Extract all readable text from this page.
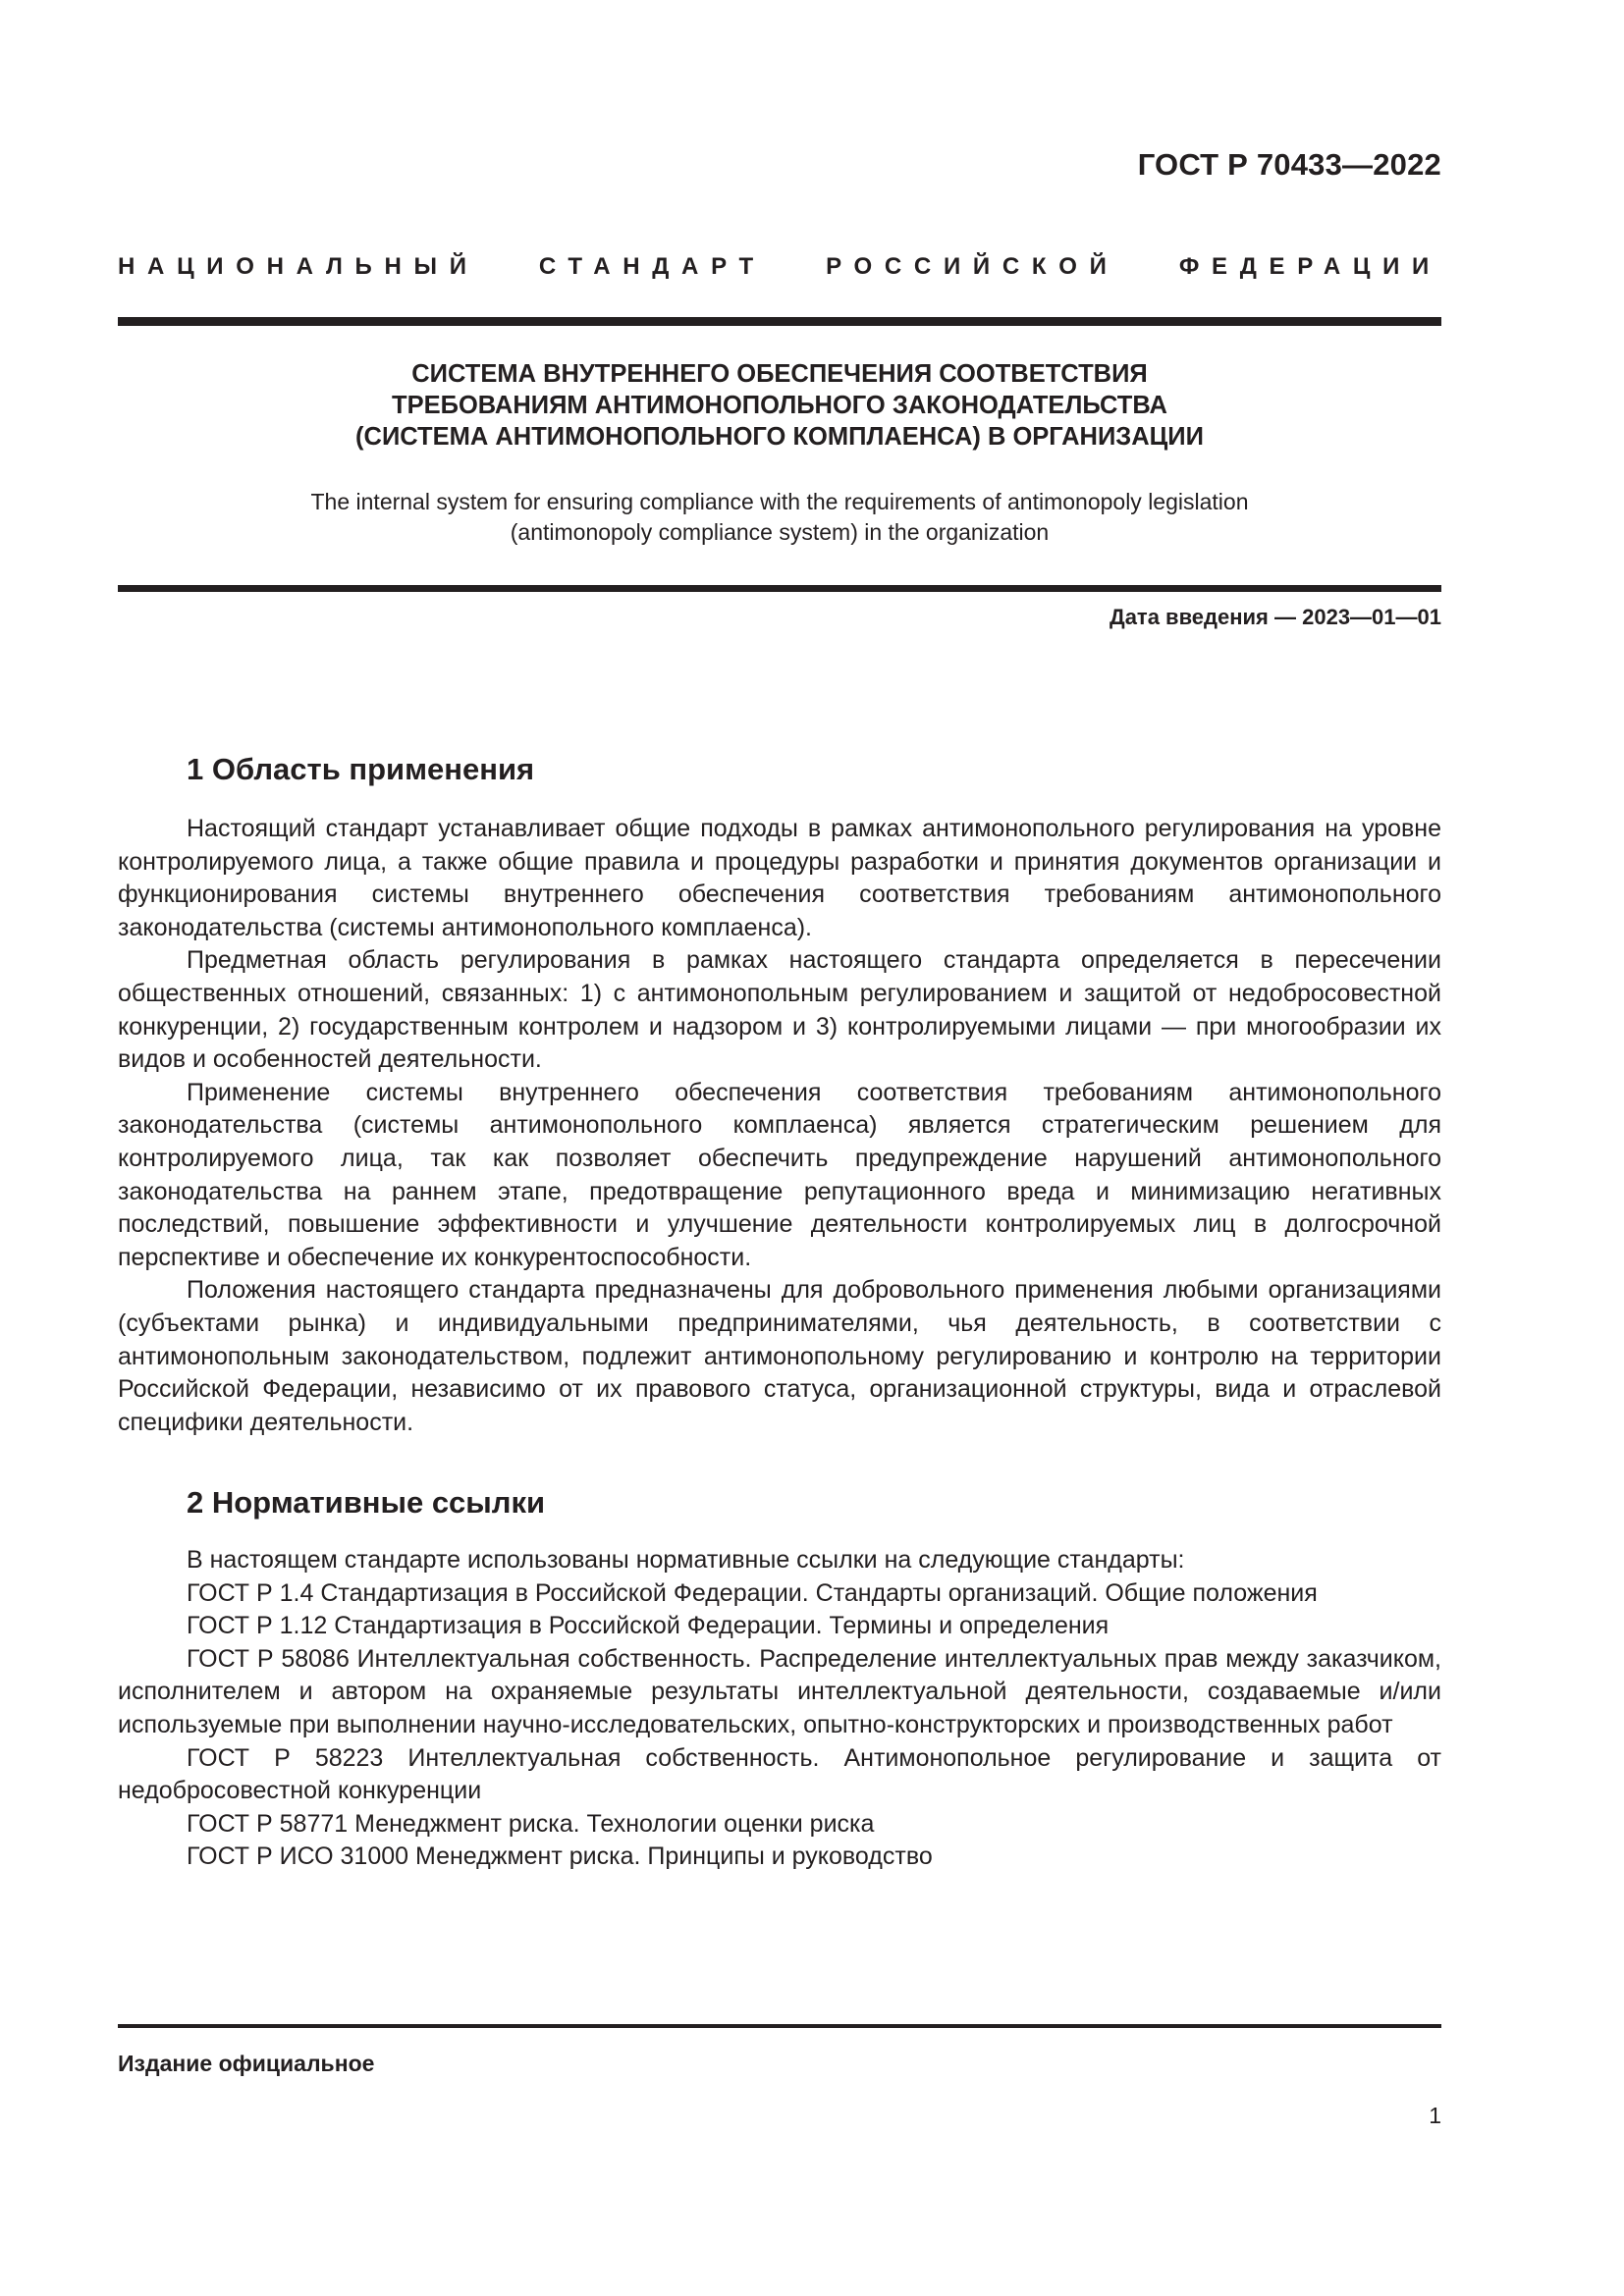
ГОСТ Р 70433—2022
НАЦИОНАЛЬНЫЙ СТАНДАРТ РОССИЙСКОЙ ФЕДЕРАЦИИ
СИСТЕМА ВНУТРЕННЕГО ОБЕСПЕЧЕНИЯ СООТВЕТСТВИЯ
ТРЕБОВАНИЯМ АНТИМОНОПОЛЬНОГО ЗАКОНОДАТЕЛЬСТВА
(СИСТЕМА АНТИМОНОПОЛЬНОГО КОМПЛАЕНСА) В ОРГАНИЗАЦИИ
The internal system for ensuring compliance with the requirements of antimonopoly legislation
(antimonopoly compliance system) in the organization
Дата введения — 2023—01—01
1 Область применения

Настоящий стандарт устанавливает общие подходы в рамках антимонопольного регулирования на уровне контролируемого лица, а также общие правила и процедуры разработки и принятия документов организации и функционирования системы внутреннего обеспечения соответствия требованиям антимонопольного законодательства (системы антимонопольного комплаенса).

Предметная область регулирования в рамках настоящего стандарта определяется в пересечении общественных отношений, связанных: 1) с антимонопольным регулированием и защитой от недобросовестной конкуренции, 2) государственным контролем и надзором и 3) контролируемыми лицами — при многообразии их видов и особенностей деятельности.

Применение системы внутреннего обеспечения соответствия требованиям антимонопольного законодательства (системы антимонопольного комплаенса) является стратегическим решением для контролируемого лица, так как позволяет обеспечить предупреждение нарушений антимонопольного законодательства на раннем этапе, предотвращение репутационного вреда и минимизацию негативных последствий, повышение эффективности и улучшение деятельности контролируемых лиц в долгосрочной перспективе и обеспечение их конкурентоспособности.

Положения настоящего стандарта предназначены для добровольного применения любыми организациями (субъектами рынка) и индивидуальными предпринимателями, чья деятельность, в соответствии с антимонопольным законодательством, подлежит антимонопольному регулированию и контролю на территории Российской Федерации, независимо от их правового статуса, организационной структуры, вида и отраслевой специфики деятельности.

2 Нормативные ссылки

В настоящем стандарте использованы нормативные ссылки на следующие стандарты:

ГОСТ Р 1.4 Стандартизация в Российской Федерации. Стандарты организаций. Общие положения

ГОСТ Р 1.12 Стандартизация в Российской Федерации. Термины и определения

ГОСТ Р 58086 Интеллектуальная собственность. Распределение интеллектуальных прав между заказчиком, исполнителем и автором на охраняемые результаты интеллектуальной деятельности, создаваемые и/или используемые при выполнении научно-исследовательских, опытно-конструкторских и производственных работ

ГОСТ Р 58223 Интеллектуальная собственность. Антимонопольное регулирование и защита от недобросовестной конкуренции

ГОСТ Р 58771 Менеджмент риска. Технологии оценки риска

ГОСТ Р ИСО 31000 Менеджмент риска. Принципы и руководство

Издание официальное
1
